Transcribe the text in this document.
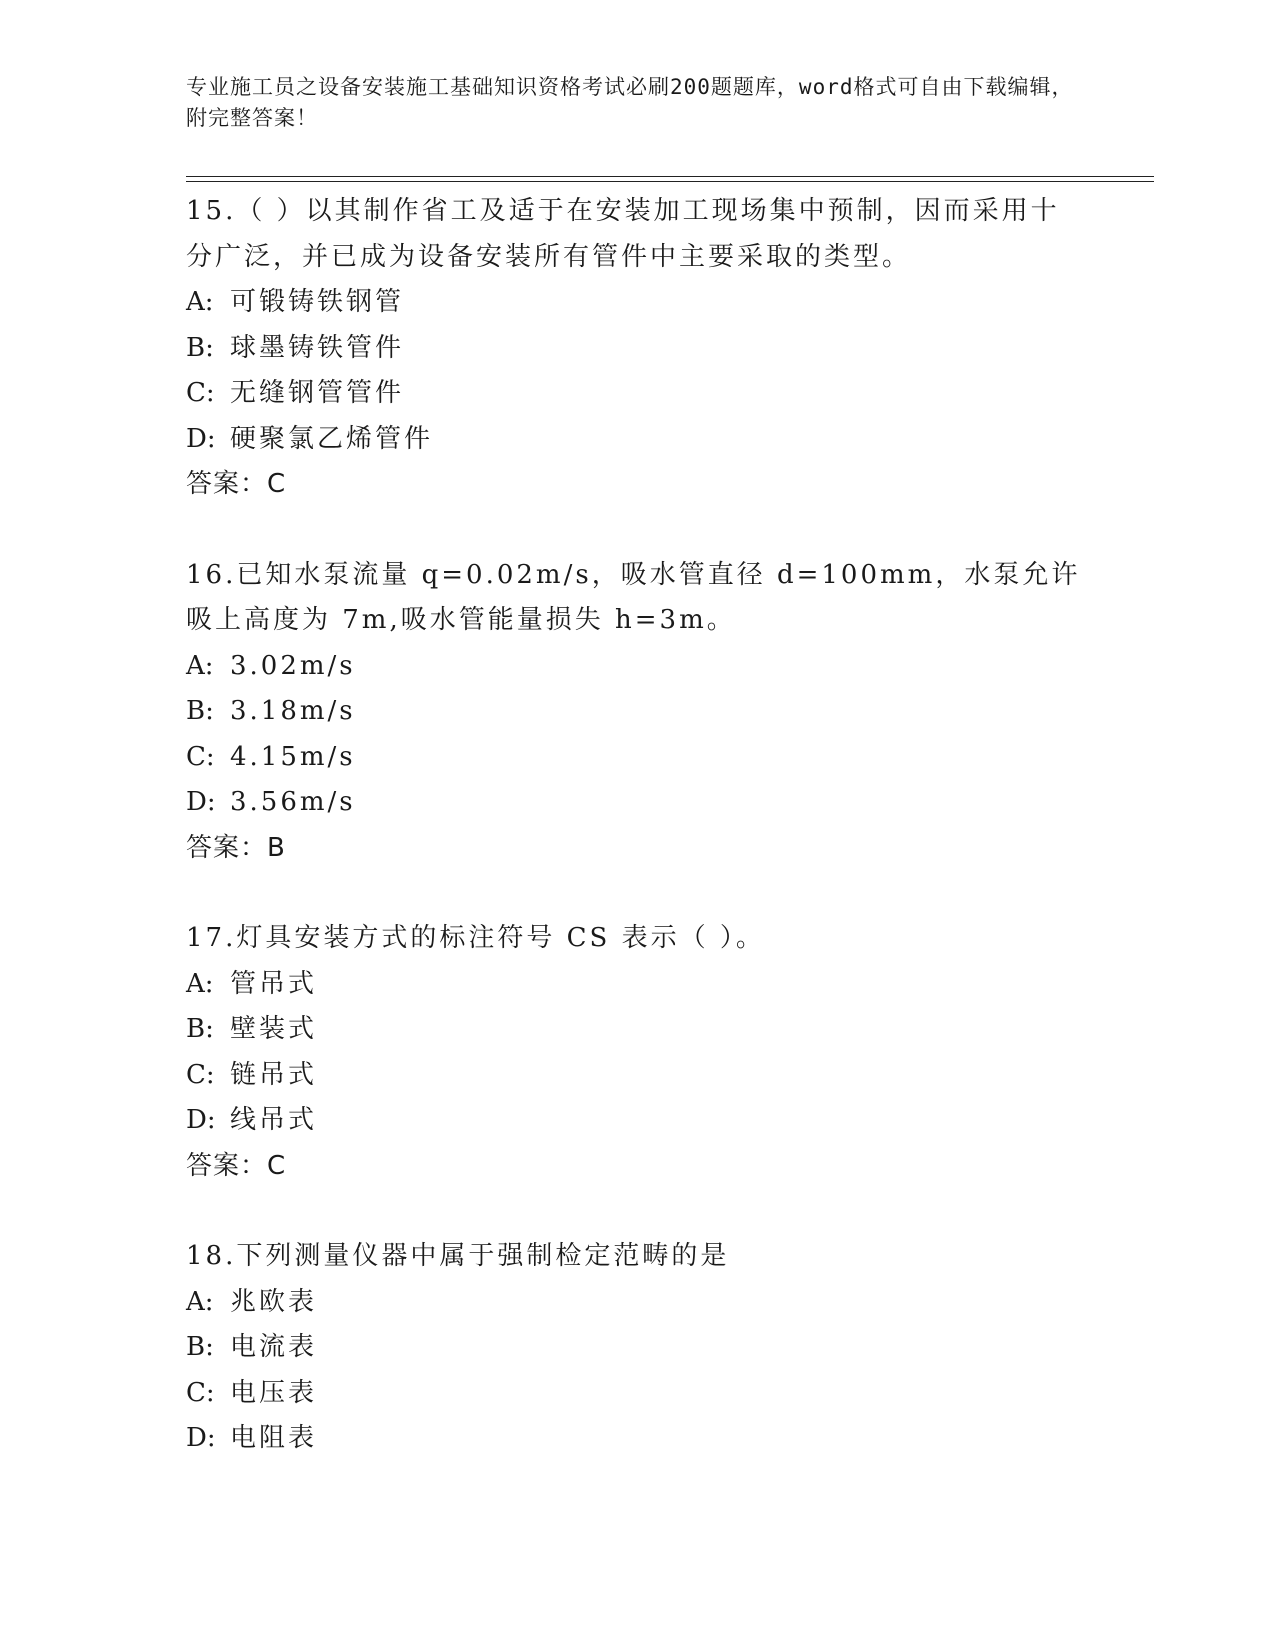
专业施工员之设备安装施工基础知识资格考试必刷200题题库，word格式可自由下载编辑，附完整答案！
15.（ ）以其制作省工及适于在安装加工现场集中预制，因而采用十分广泛，并已成为设备安装所有管件中主要采取的类型。
A: 可锻铸铁钢管
B: 球墨铸铁管件
C: 无缝钢管管件
D: 硬聚氯乙烯管件
答案：C
16.已知水泵流量 q=0.02m/s，吸水管直径 d=100mm，水泵允许吸上高度为 7m,吸水管能量损失 h=3m。
A: 3.02m/s
B: 3.18m/s
C: 4.15m/s
D: 3.56m/s
答案：B
17.灯具安装方式的标注符号 CS 表示（ ）。
A: 管吊式
B: 壁装式
C: 链吊式
D: 线吊式
答案：C
18.下列测量仪器中属于强制检定范畴的是
A: 兆欧表
B: 电流表
C: 电压表
D: 电阻表
